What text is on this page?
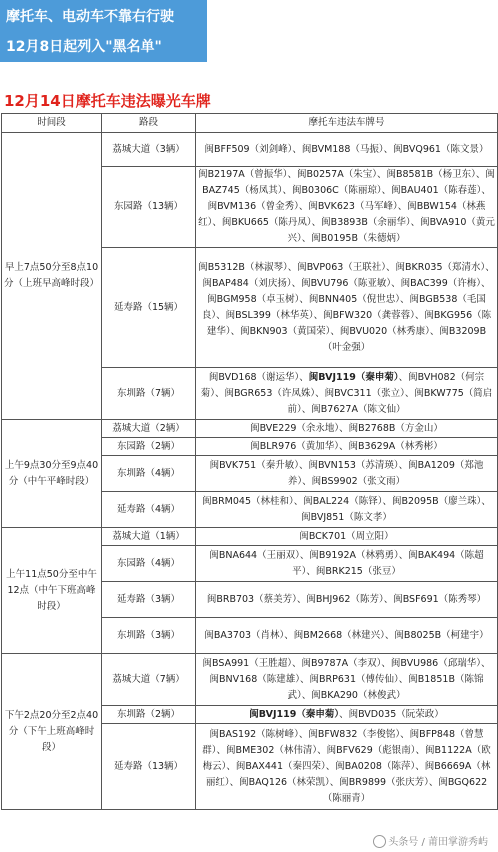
摩托车、电动车不靠右行驶
12月8日起列入"黑名单"
12月14日摩托车违法曝光车牌
时间段	路段	摩托车违法车牌号
早上7点50分至8点10分（上班早高峰时段）	荔城大道（3辆）	闽BFF509（刘剑峰）、闽BVM188（马振）、闽BVQ961（陈文景）
	东园路（13辆）	闽B2197A（曾振华）、闽B0257A（朱宝）、闽B8581B（杨卫东）、闽BAZ745（杨凤其）、闽B0306C（陈丽琼）、闽BAU401（陈春莲）、闽BVM136（曾金秀）、闽BVK623（马军峰）、闽BBW154（林燕红）、闽BKU665（陈丹凤）、闽B3893B（余丽华）、闽BVA910（黄元兴）、闽B0195B（朱德炳）
	延寿路（15辆）	闽B5312B（林淑琴）、闽BVP063（王联社）、闽BKR035（郑清水）、闽BAP484（刘庆扬）、闽BVU796（陈亚敏）、闽BAC399（许梅）、闽BGM958（卓玉树）、闽BNN405（倪世忠）、闽BGB538（毛国良）、闽BSL399（林华英）、闽BFW320（龚蓉蓉）、闽BKG956（陈建华）、闽BKN903（黄国荣）、闽BVU020（林秀康）、闽B3209B（叶金强）
	东圳路（7辆）	闽BVD168（谢运华）、闽BVJ119（秦申菊）、闽BVH082（何宗菊）、闽BGR653（许凤姝）、闽BVC311（张立）、闽BKW775（简启前）、闽B7627A（陈文仙）
上午9点30分至9点40分（中午平峰时段）	荔城大道（2辆）	闽BVE229（余永地）、闽B2768B（方金山）
	东园路（2辆）	闽BLR976（黄加华）、闽B3629A（林秀彬）
	东圳路（4辆）	闽BVK751（秦升敏）、闽BVN153（苏清瑛）、闽BA1209（郑池养）、闽BS9902（张文雨）
	延寿路（4辆）	闽BRM045（林桂和）、闽BAL224（陈铎）、闽B2095B（廖兰珠）、闽BVJ851（陈文孝）
上午11点50分至中午12点（中午下班高峰时段）	荔城大道（1辆）	闽BCK701（周立阳）
	东园路（4辆）	闽BNA644（王丽双）、闽B9192A（林鸦勇）、闽BAK494（陈超平）、闽BRK215（张豆）
	延寿路（3辆）	闽BRB703（蔡美芳）、闽BHJ962（陈芳）、闽BSF691（陈秀琴）
	东圳路（3辆）	闽BA3703（肖林）、闽BM2668（林建兴）、闽B8025B（柯建宇）
下午2点20分至2点40分（下午上班高峰时段）	荔城大道（7辆）	闽BSA991（王胜超）、闽B9787A（李双）、闽BVU986（邱瑞华）、闽BNV168（陈建雄）、闽BRP631（傅传仙）、闽B1851B（陈锦武）、闽BKA290（林俊武）
	东圳路（2辆）	闽BVJ119（秦申菊）、闽BVD035（阮荣政）
	延寿路（13辆）	闽BAS192（陈树峰）、闽BFW832（李俊铭）、闽BFP848（曾慧群）、闽BME302（林伟清）、闽BFV629（彪银南）、闽B1122A（欧梅云）、闽BAX441（秦四荣）、闽BA0208（陈萍）、闽B6669A（林丽红）、闽BAQ126（林荣凯）、闽BR9899（张庆芳）、闽BGQ622（陈丽青）
头条号 / 莆田掌游秀屿
